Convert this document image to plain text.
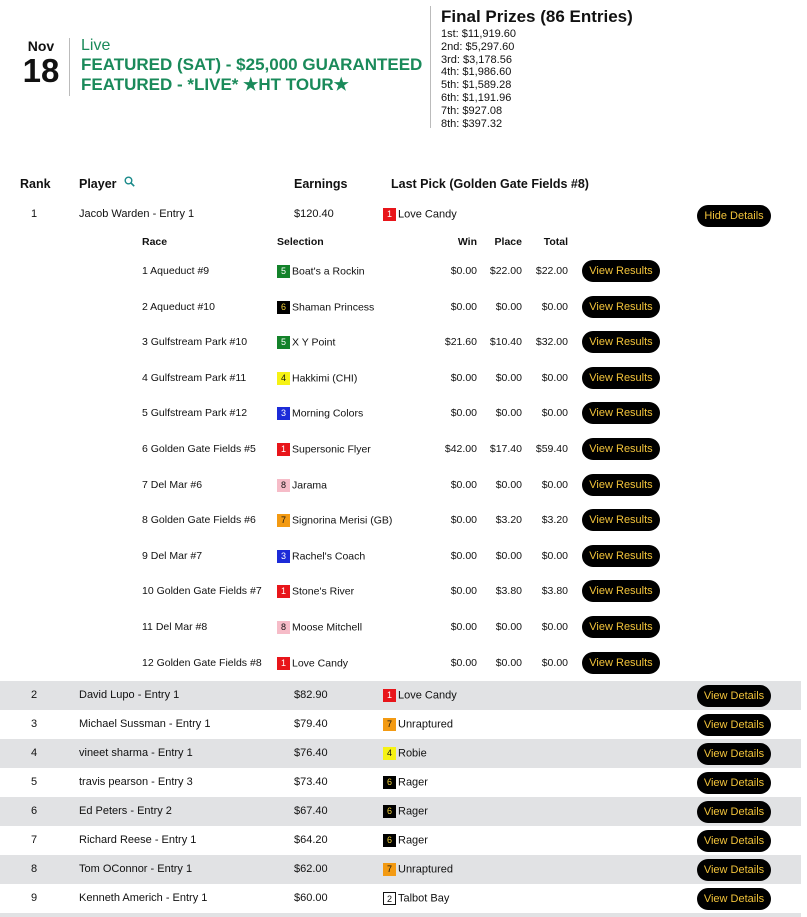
Nov
18
Live
FEATURED (SAT) - $25,000 GUARANTEED
FEATURED - *LIVE* ★HT TOUR★
Final Prizes (86 Entries)
1st: $11,919.60
2nd: $5,297.60
3rd: $3,178.56
4th: $1,986.60
5th: $1,589.28
6th: $1,191.96
7th: $927.08
8th: $397.32
Rank Player	Earnings	Last Pick (Golden Gate Fields #8)
1	Jacob Warden - Entry 1	$120.40	1 Love Candy	Hide Details
Race	Selection	Win Place Total
1 Aqueduct #9	5 Boat's a Rockin	$0.00 $22.00 $22.00	View Results
2 Aqueduct #10	6 Shaman Princess	$0.00 $0.00 $0.00	View Results
3 Gulfstream Park #10	5 X Y Point	$21.60 $10.40 $32.00	View Results
4 Gulfstream Park #11	4 Hakkimi (CHI)	$0.00 $0.00 $0.00	View Results
5 Gulfstream Park #12	3 Morning Colors	$0.00 $0.00 $0.00	View Results
6 Golden Gate Fields #5	1 Supersonic Flyer	$42.00 $17.40 $59.40	View Results
7 Del Mar #6	8 Jarama	$0.00 $0.00 $0.00	View Results
8 Golden Gate Fields #6	7 Signorina Merisi (GB)	$0.00 $3.20 $3.20	View Results
9 Del Mar #7	3 Rachel's Coach	$0.00 $0.00 $0.00	View Results
10 Golden Gate Fields #7	1 Stone's River	$0.00 $3.80 $3.80	View Results
11 Del Mar #8	8 Moose Mitchell	$0.00 $0.00 $0.00	View Results
12 Golden Gate Fields #8	1 Love Candy	$0.00 $0.00 $0.00	View Results
2	David Lupo - Entry 1	$82.90	1 Love Candy	View Details
3	Michael Sussman - Entry 1	$79.40	7 Unraptured	View Details
4	vineet sharma - Entry 1	$76.40	4 Robie	View Details
5	travis pearson - Entry 3	$73.40	6 Rager	View Details
6	Ed Peters - Entry 2	$67.40	6 Rager	View Details
7	Richard Reese - Entry 1	$64.20	6 Rager	View Details
8	Tom OConnor - Entry 1	$62.00	7 Unraptured	View Details
9	Kenneth Americh - Entry 1	$60.00	2 Talbot Bay	View Details
